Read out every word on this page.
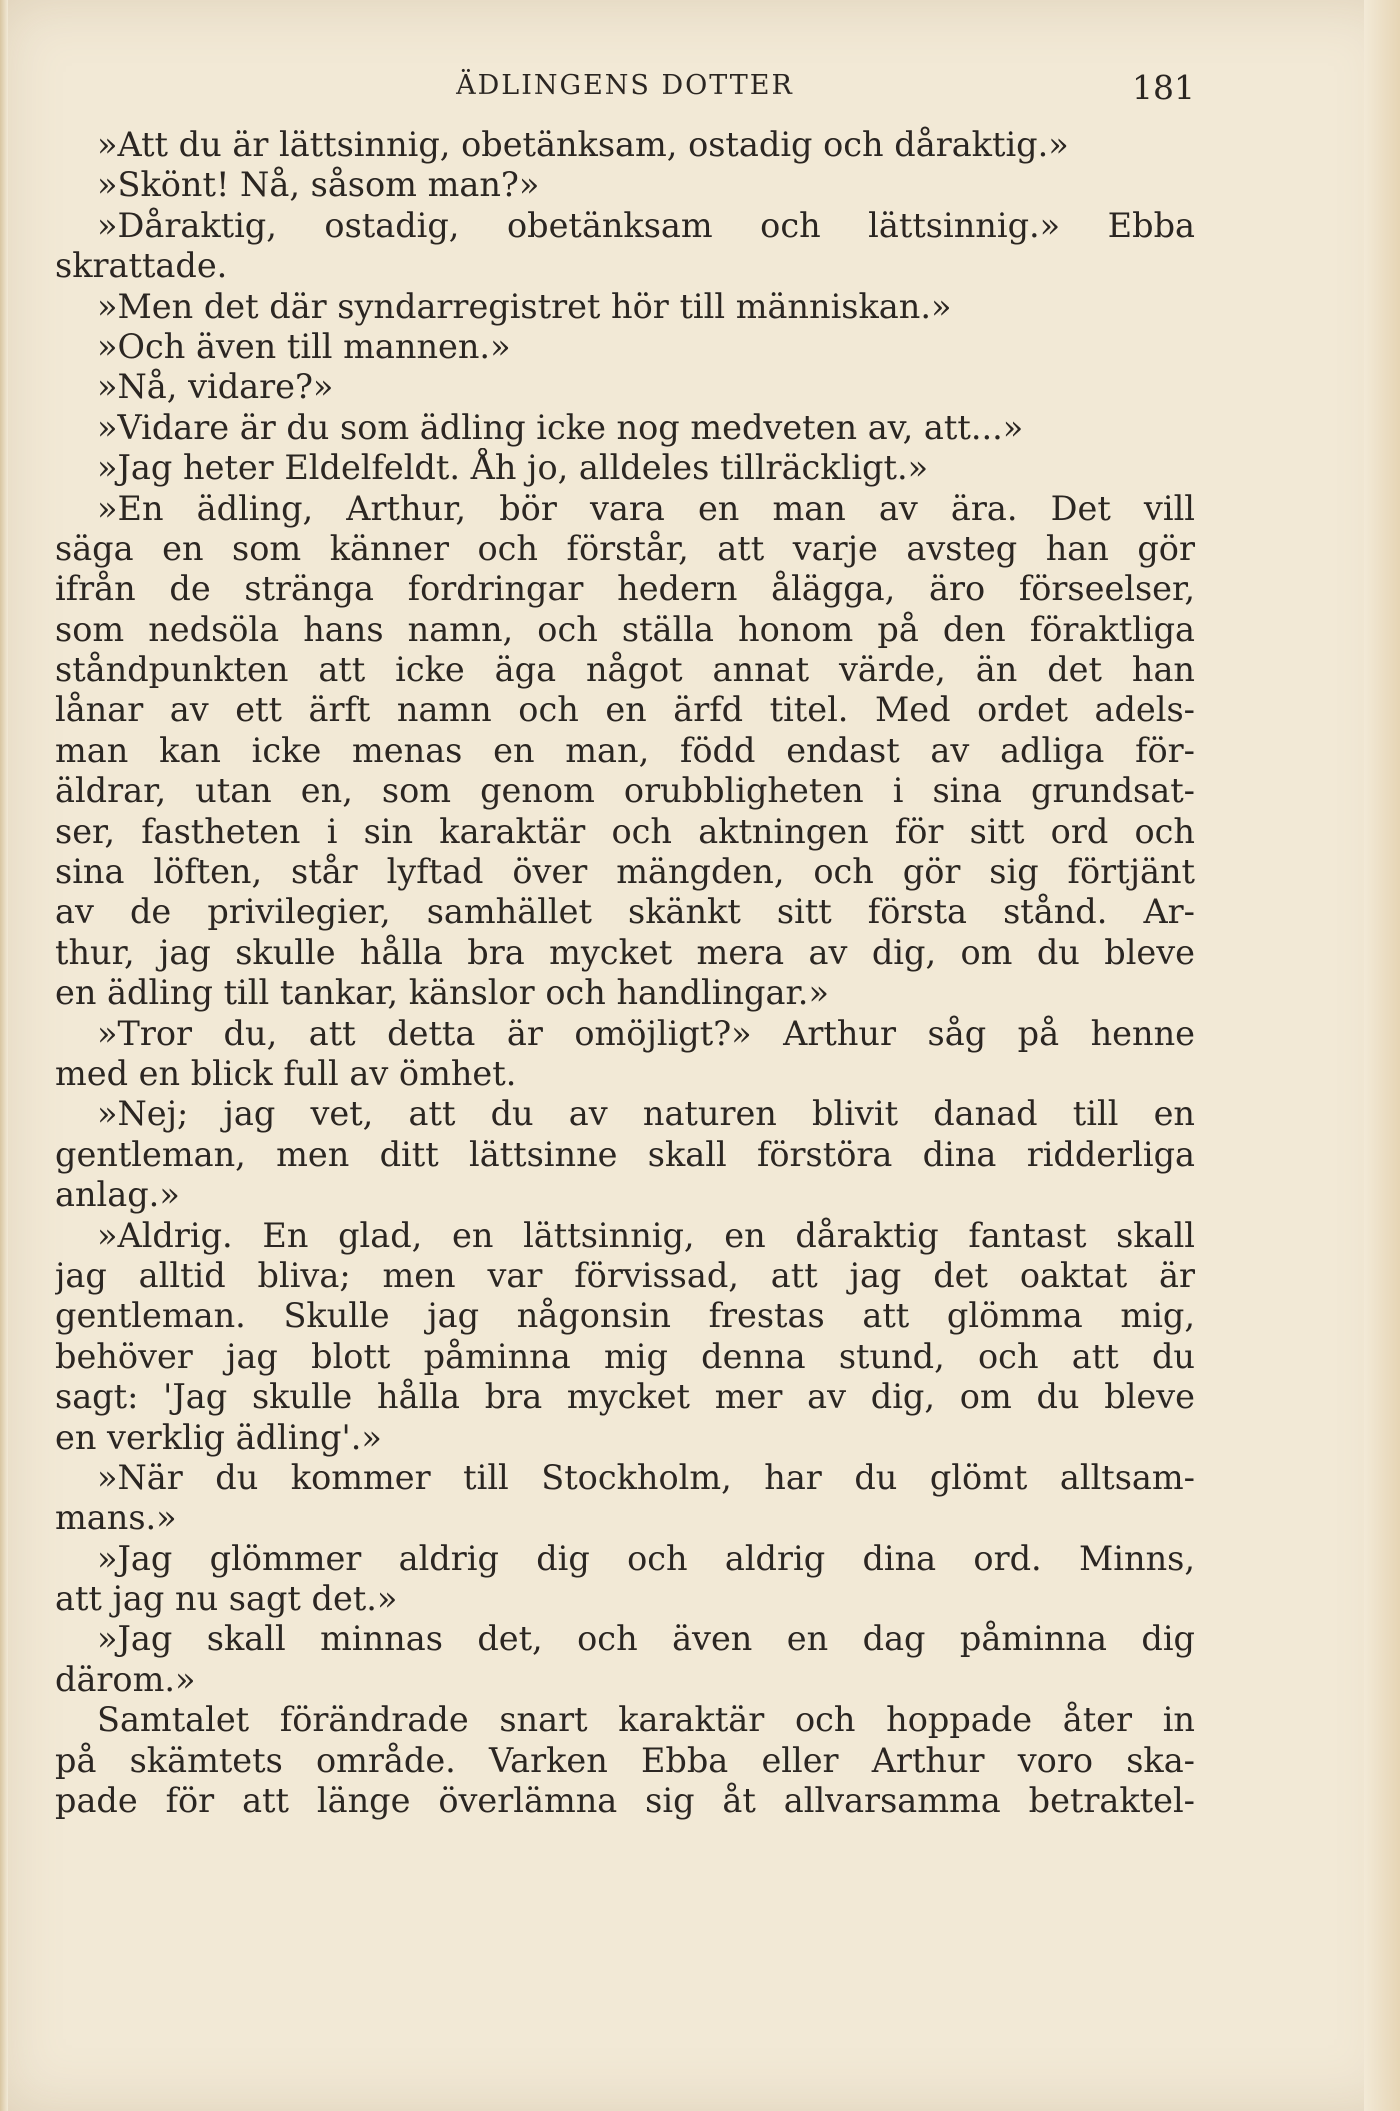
ÄDLINGENS DOTTER	181
»Att du är lättsinnig, obetänksam, ostadig och dåraktig.»
»Skönt! Nå, såsom man?»
»Dåraktig, ostadig, obetänksam och lättsinnig.» Ebba
skrattade.
»Men det där syndarregistret hör till människan.»
»Och även till mannen.»
»Nå, vidare?»
»Vidare är du som ädling icke nog medveten av, att...»
»Jag heter Eldelfeldt. Åh jo, alldeles tillräckligt.»
»En ädling, Arthur, bör vara en man av ära. Det vill
säga en som känner och förstår, att varje avsteg han gör
ifrån de stränga fordringar hedern ålägga, äro förseelser,
som nedsöla hans namn, och ställa honom på den föraktliga
ståndpunkten att icke äga något annat värde, än det han
lånar av ett ärft namn och en ärfd titel. Med ordet adels-
man kan icke menas en man, född endast av adliga för-
äldrar, utan en, som genom orubbligheten i sina grundsat-
ser, fastheten i sin karaktär och aktningen för sitt ord och
sina löften, står lyftad över mängden, och gör sig förtjänt
av de privilegier, samhället skänkt sitt första stånd. Ar-
thur, jag skulle hålla bra mycket mera av dig, om du bleve
en ädling till tankar, känslor och handlingar.»
»Tror du, att detta är omöjligt?» Arthur såg på henne
med en blick full av ömhet.
»Nej; jag vet, att du av naturen blivit danad till en
gentleman, men ditt lättsinne skall förstöra dina ridderliga
anlag.»
»Aldrig. En glad, en lättsinnig, en dåraktig fantast skall
jag alltid bliva; men var förvissad, att jag det oaktat är
gentleman. Skulle jag någonsin frestas att glömma mig,
behöver jag blott påminna mig denna stund, och att du
sagt: 'Jag skulle hålla bra mycket mer av dig, om du bleve
en verklig ädling'.»
»När du kommer till Stockholm, har du glömt alltsam-
mans.»
»Jag glömmer aldrig dig och aldrig dina ord. Minns,
att jag nu sagt det.»
»Jag skall minnas det, och även en dag påminna dig
därom.»
Samtalet förändrade snart karaktär och hoppade åter in
på skämtets område. Varken Ebba eller Arthur voro ska-
pade för att länge överlämna sig åt allvarsamma betraktel-
